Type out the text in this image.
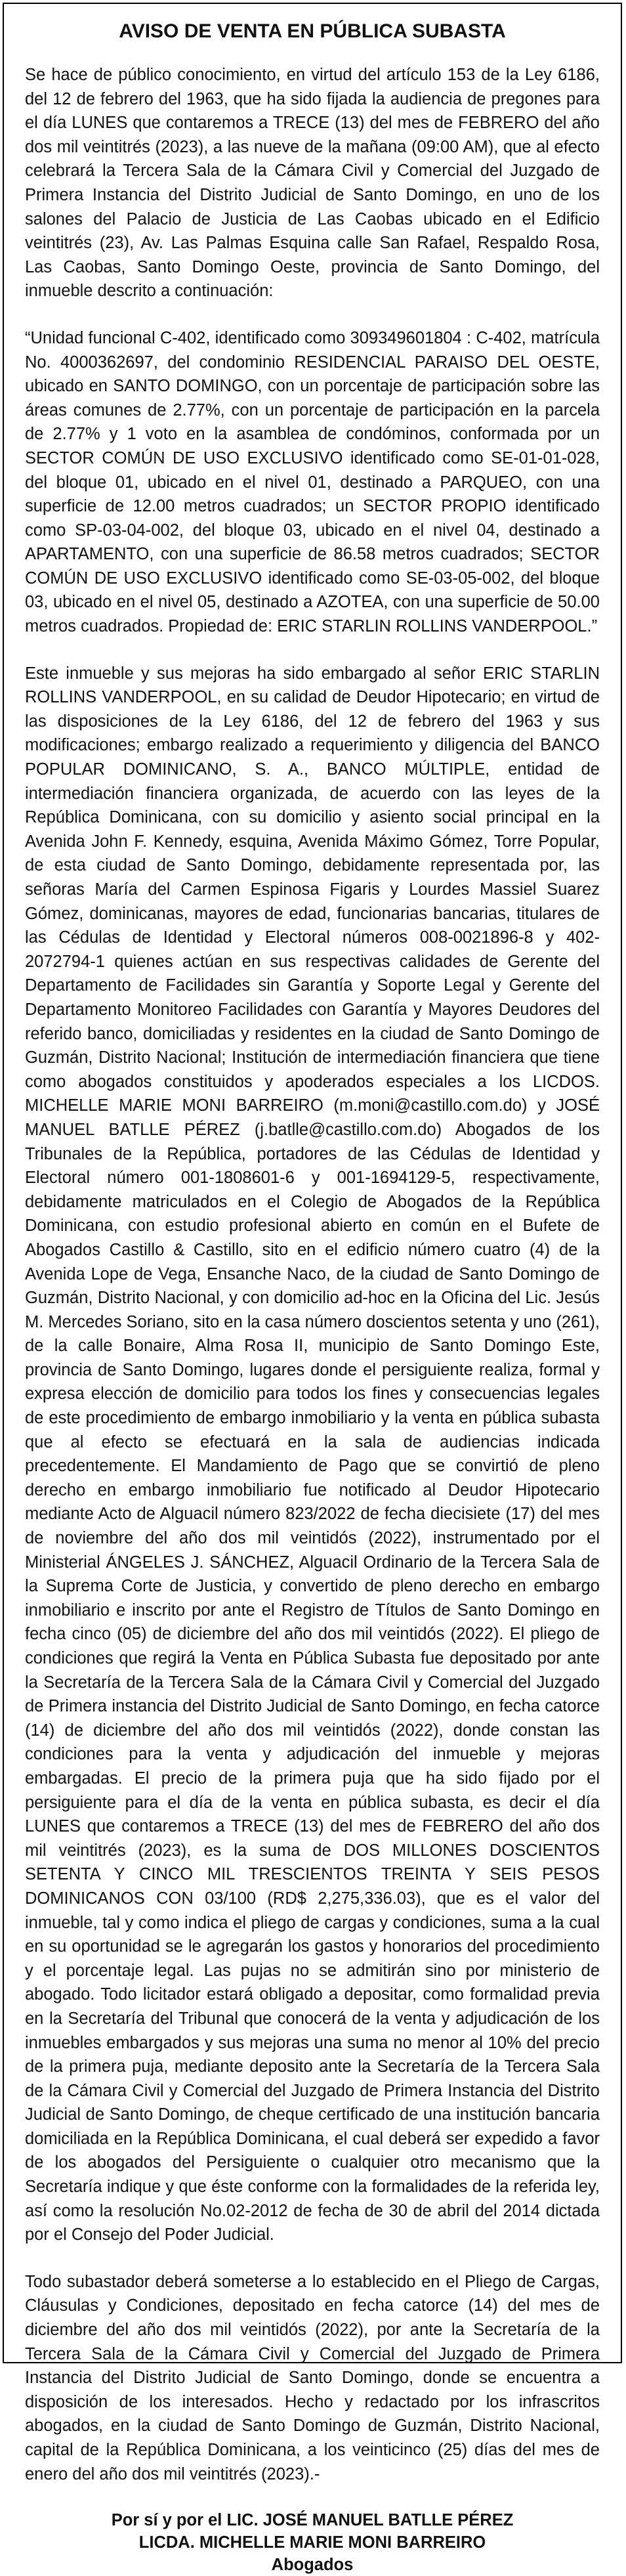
AVISO DE VENTA EN PÚBLICA SUBASTA

Se hace de público conocimiento, en virtud del artículo 153 de la Ley 6186, del 12 de febrero del 1963, que ha sido fijada la audiencia de pregones para el día LUNES que contaremos a TRECE (13) del mes de FEBRERO del año dos mil veintitrés (2023), a las nueve de la mañana (09:00 AM), que al efecto celebrará la Tercera Sala de la Cámara Civil y Comercial del Juzgado de Primera Instancia del Distrito Judicial de Santo Domingo, en uno de los salones del Palacio de Justicia de Las Caobas ubicado en el Edificio veintitrés (23), Av. Las Palmas Esquina calle San Rafael, Respaldo Rosa, Las Caobas, Santo Domingo Oeste, provincia de Santo Domingo, del inmueble descrito a continuación:

“Unidad funcional C-402, identificado como 309349601804 : C-402, matrícula No. 4000362697, del condominio RESIDENCIAL PARAISO DEL OESTE, ubicado en SANTO DOMINGO, con un porcentaje de participación sobre las áreas comunes de 2.77%, con un porcentaje de participación en la parcela de 2.77% y 1 voto en la asamblea de condóminos, conformada por un SECTOR COMÚN DE USO EXCLUSIVO identificado como SE-01-01-028, del bloque 01, ubicado en el nivel 01, destinado a PARQUEO, con una superficie de 12.00 metros cuadrados; un SECTOR PROPIO identificado como SP-03-04-002, del bloque 03, ubicado en el nivel 04, destinado a APARTAMENTO, con una superficie de 86.58 metros cuadrados; SECTOR COMÚN DE USO EXCLUSIVO identificado como SE-03-05-002, del bloque 03, ubicado en el nivel 05, destinado a AZOTEA, con una superficie de 50.00 metros cuadrados. Propiedad de: ERIC STARLIN ROLLINS VANDERPOOL.”

Este inmueble y sus mejoras ha sido embargado al señor ERIC STARLIN ROLLINS VANDERPOOL, en su calidad de Deudor Hipotecario; en virtud de las disposiciones de la Ley 6186, del 12 de febrero del 1963 y sus modificaciones; embargo realizado a requerimiento y diligencia del BANCO POPULAR DOMINICANO, S. A., BANCO MÚLTIPLE, entidad de intermediación financiera organizada, de acuerdo con las leyes de la República Dominicana, con su domicilio y asiento social principal en la Avenida John F. Kennedy, esquina, Avenida Máximo Gómez, Torre Popular, de esta ciudad de Santo Domingo, debidamente representada por, las señoras María del Carmen Espinosa Figaris y Lourdes Massiel Suarez Gómez, dominicanas, mayores de edad, funcionarias bancarias, titulares de las Cédulas de Identidad y Electoral números 008-0021896-8 y 402-2072794-1 quienes actúan en sus respectivas calidades de Gerente del Departamento de Facilidades sin Garantía y Soporte Legal y Gerente del Departamento Monitoreo Facilidades con Garantía y Mayores Deudores del referido banco, domiciliadas y residentes en la ciudad de Santo Domingo de Guzmán, Distrito Nacional; Institución de intermediación financiera que tiene como abogados constituidos y apoderados especiales a los LICDOS. MICHELLE MARIE MONI BARREIRO (m.moni@castillo.com.do) y JOSÉ MANUEL BATLLE PÉREZ (j.batlle@castillo.com.do) Abogados de los Tribunales de la República, portadores de las Cédulas de Identidad y Electoral número 001-1808601-6 y 001-1694129-5, respectivamente, debidamente matriculados en el Colegio de Abogados de la República Dominicana, con estudio profesional abierto en común en el Bufete de Abogados Castillo & Castillo, sito en el edificio número cuatro (4) de la Avenida Lope de Vega, Ensanche Naco, de la ciudad de Santo Domingo de Guzmán, Distrito Nacional, y con domicilio ad-hoc en la Oficina del Lic. Jesús M. Mercedes Soriano, sito en la casa número doscientos setenta y uno (261), de la calle Bonaire, Alma Rosa II, municipio de Santo Domingo Este, provincia de Santo Domingo, lugares donde el persiguiente realiza, formal y expresa elección de domicilio para todos los fines y consecuencias legales de este procedimiento de embargo inmobiliario y la venta en pública subasta que al efecto se efectuará en la sala de audiencias indicada precedentemente. El Mandamiento de Pago que se convirtió de pleno derecho en embargo inmobiliario fue notificado al Deudor Hipotecario mediante Acto de Alguacil número 823/2022 de fecha diecisiete (17) del mes de noviembre del año dos mil veintidós (2022), instrumentado por el Ministerial ÁNGELES J. SÁNCHEZ, Alguacil Ordinario de la Tercera Sala de la Suprema Corte de Justicia, y convertido de pleno derecho en embargo inmobiliario e inscrito por ante el Registro de Títulos de Santo Domingo en fecha cinco (05) de diciembre del año dos mil veintidós (2022). El pliego de condiciones que regirá la Venta en Pública Subasta fue depositado por ante la Secretaría de la Tercera Sala de la Cámara Civil y Comercial del Juzgado de Primera instancia del Distrito Judicial de Santo Domingo, en fecha catorce (14) de diciembre del año dos mil veintidós (2022), donde constan las condiciones para la venta y adjudicación del inmueble y mejoras embargadas. El precio de la primera puja que ha sido fijado por el persiguiente para el día de la venta en pública subasta, es decir el día LUNES que contaremos a TRECE (13) del mes de FEBRERO del año dos mil veintitrés (2023), es la suma de DOS MILLONES DOSCIENTOS SETENTA Y CINCO MIL TRESCIENTOS TREINTA Y SEIS PESOS DOMINICANOS CON 03/100 (RD$ 2,275,336.03), que es el valor del inmueble, tal y como indica el pliego de cargas y condiciones, suma a la cual en su oportunidad se le agregarán los gastos y honorarios del procedimiento y el porcentaje legal. Las pujas no se admitirán sino por ministerio de abogado. Todo licitador estará obligado a depositar, como formalidad previa en la Secretaría del Tribunal que conocerá de la venta y adjudicación de los inmuebles embargados y sus mejoras una suma no menor al 10% del precio de la primera puja, mediante deposito ante la Secretaría de la Tercera Sala de la Cámara Civil y Comercial del Juzgado de Primera Instancia del Distrito Judicial de Santo Domingo, de cheque certificado de una institución bancaria domiciliada en la República Dominicana, el cual deberá ser expedido a favor de los abogados del Persiguiente o cualquier otro mecanismo que la Secretaría indique y que éste conforme con la formalidades de la referida ley, así como la resolución No.02-2012 de fecha de 30 de abril del 2014 dictada por el Consejo del Poder Judicial.

Todo subastador deberá someterse a lo establecido en el Pliego de Cargas, Cláusulas y Condiciones, depositado en fecha catorce (14) del mes de diciembre del año dos mil veintidós (2022), por ante la Secretaría de la Tercera Sala de la Cámara Civil y Comercial del Juzgado de Primera Instancia del Distrito Judicial de Santo Domingo, donde se encuentra a disposición de los interesados. Hecho y redactado por los infrascritos abogados, en la ciudad de Santo Domingo de Guzmán, Distrito Nacional, capital de la República Dominicana, a los veinticinco (25) días del mes de enero del año dos mil veintitrés (2023).-

Por sí y por el LIC. JOSÉ MANUEL BATLLE PÉREZ
LICDA. MICHELLE MARIE MONI BARREIRO
Abogados
